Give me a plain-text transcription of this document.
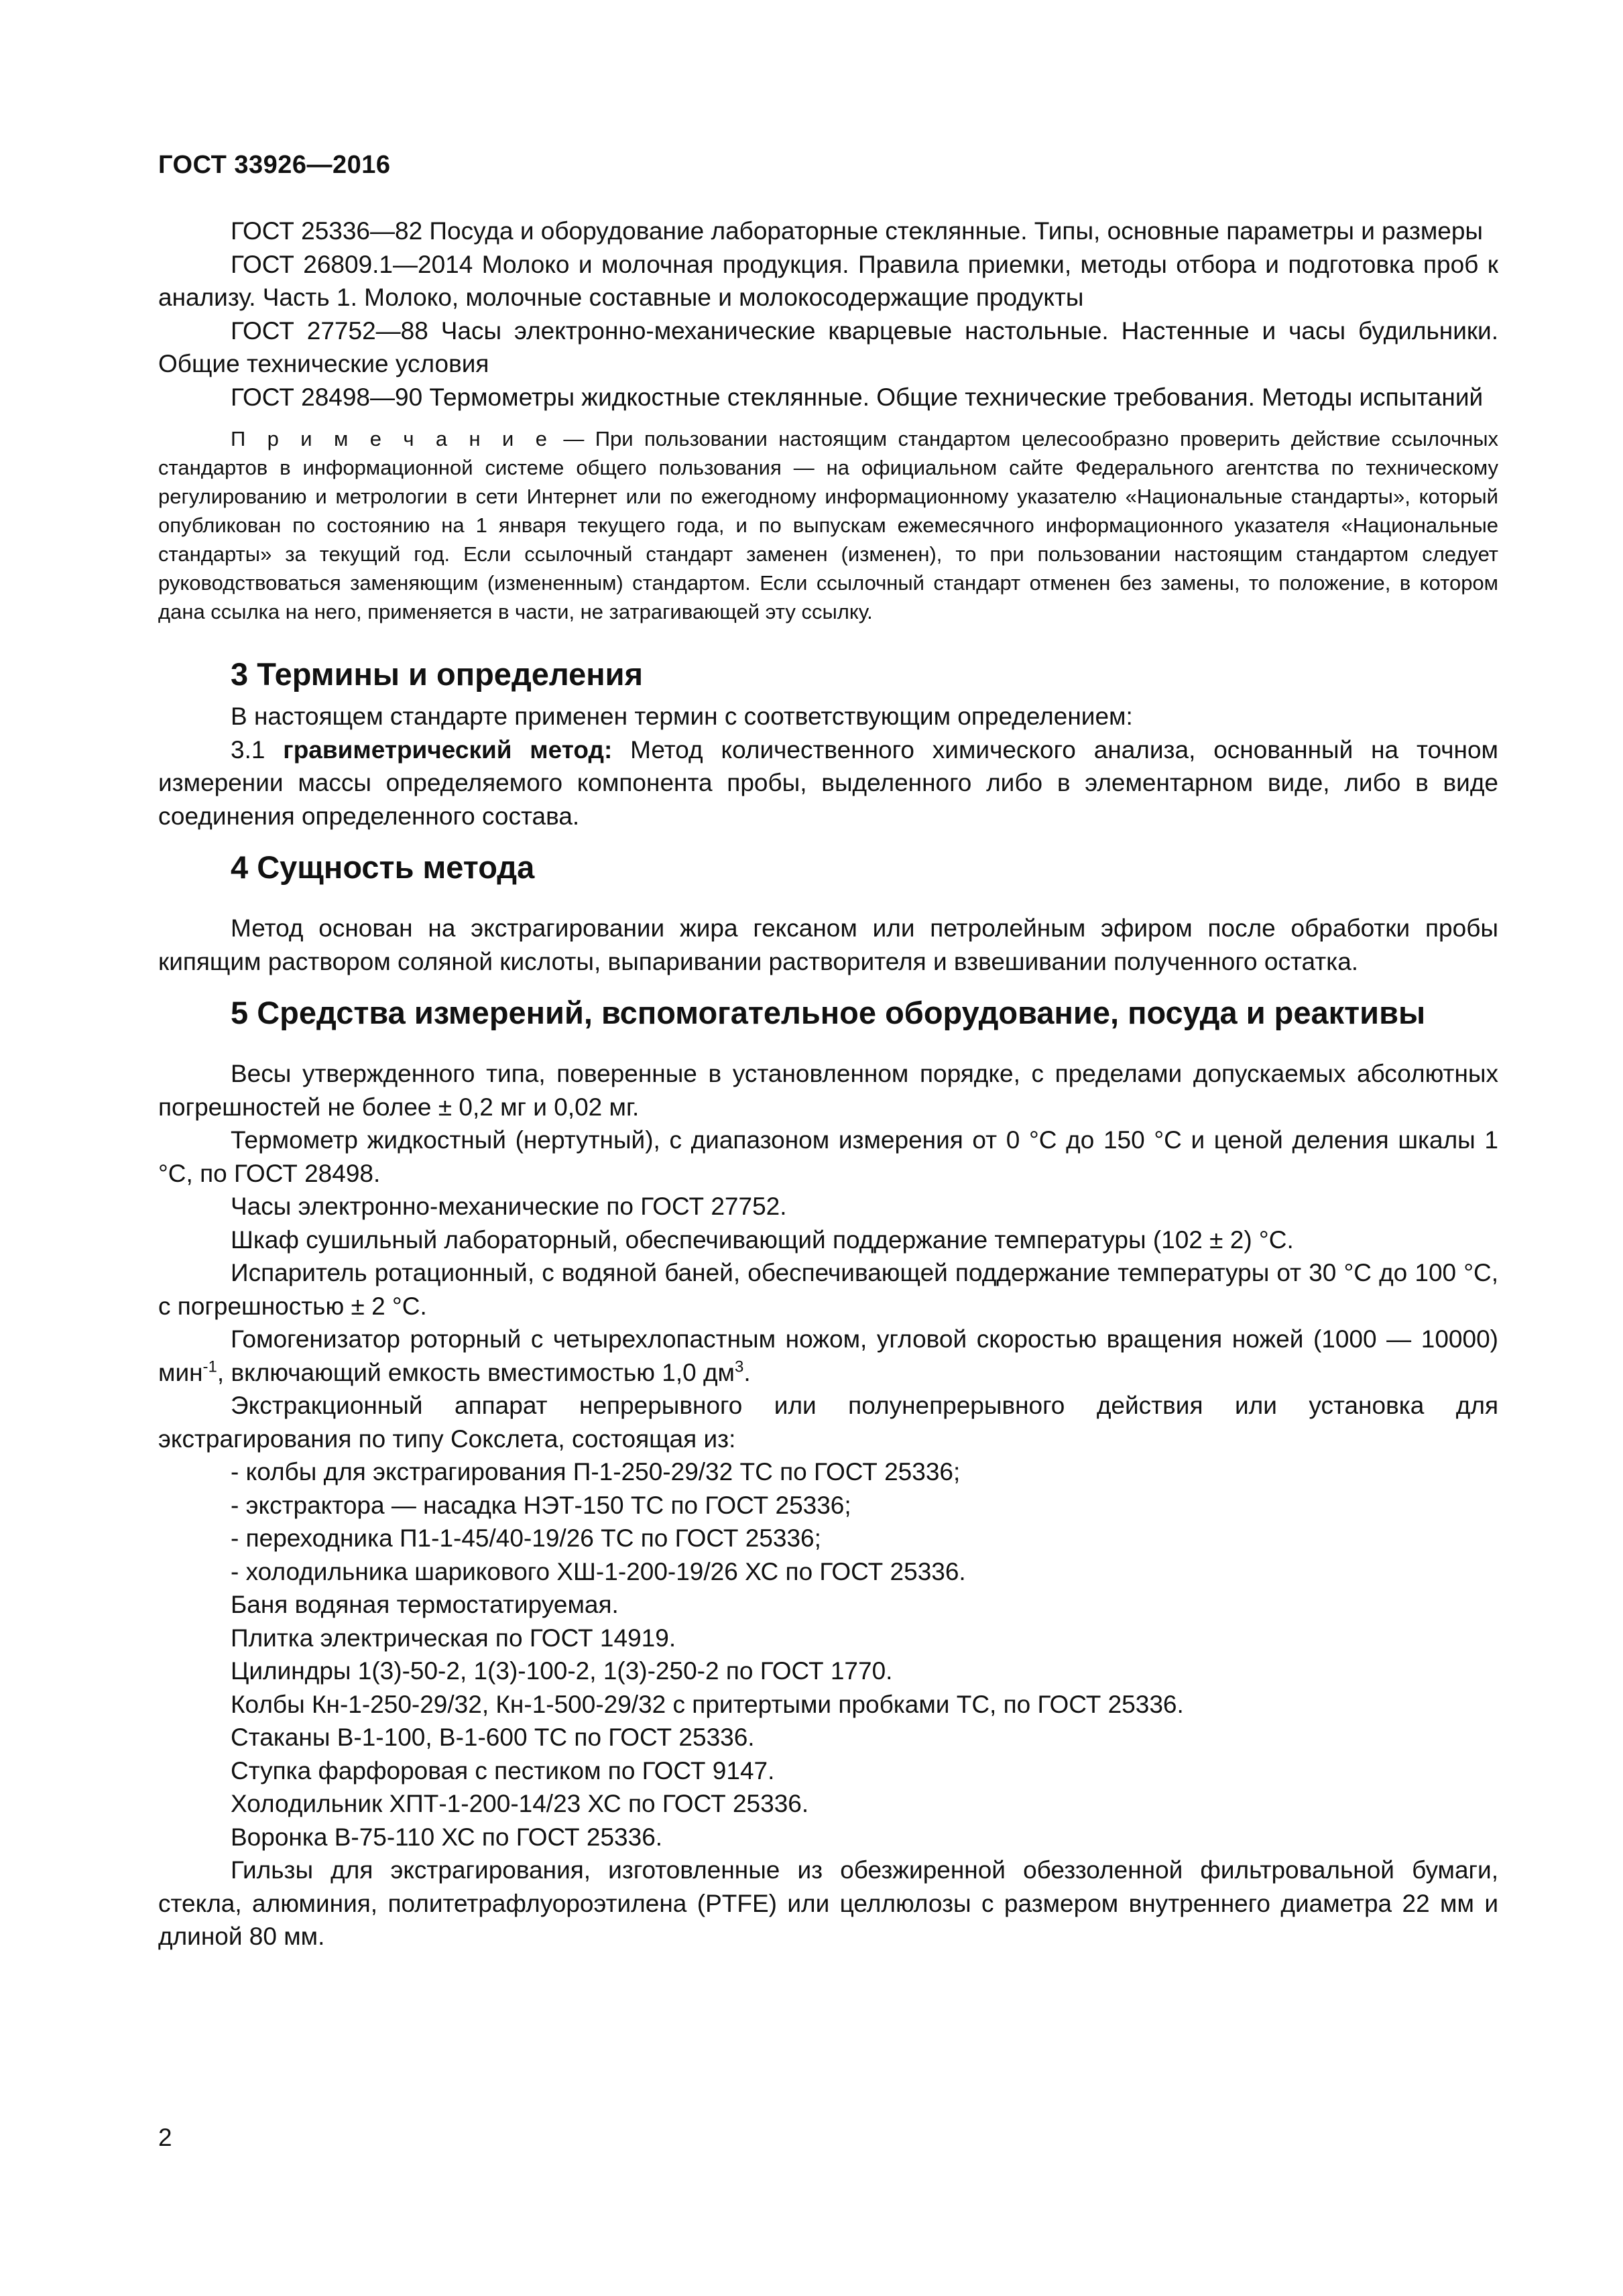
ГОСТ 33926—2016

ГОСТ 25336—82 Посуда и оборудование лабораторные стеклянные. Типы, основные параметры и размеры

ГОСТ 26809.1—2014 Молоко и молочная продукция. Правила приемки, методы отбора и подготовка проб к анализу. Часть 1. Молоко, молочные составные и молокосодержащие продукты

ГОСТ 27752—88 Часы электронно-механические кварцевые настольные. Настенные и часы будильники. Общие технические условия

ГОСТ 28498—90 Термометры жидкостные стеклянные. Общие технические требования. Методы испытаний

П р и м е ч а н и е — При пользовании настоящим стандартом целесообразно проверить действие ссылочных стандартов в информационной системе общего пользования — на официальном сайте Федерального агентства по техническому регулированию и метрологии в сети Интернет или по ежегодному информационному указателю «Национальные стандарты», который опубликован по состоянию на 1 января текущего года, и по выпускам ежемесячного информационного указателя «Национальные стандарты» за текущий год. Если ссылочный стандарт заменен (изменен), то при пользовании настоящим стандартом следует руководствоваться заменяющим (измененным) стандартом. Если ссылочный стандарт отменен без замены, то положение, в котором дана ссылка на него, применяется в части, не затрагивающей эту ссылку.

3 Термины и определения

В настоящем стандарте применен термин с соответствующим определением:

3.1 гравиметрический метод: Метод количественного химического анализа, основанный на точном измерении массы определяемого компонента пробы, выделенного либо в элементарном виде, либо в виде соединения определенного состава.

4 Сущность метода

Метод основан на экстрагировании жира гексаном или петролейным эфиром после обработки пробы кипящим раствором соляной кислоты, выпаривании растворителя и взвешивании полученного остатка.

5 Средства измерений, вспомогательное оборудование, посуда и реактивы

Весы утвержденного типа, поверенные в установленном порядке, с пределами допускаемых абсолютных погрешностей не более ± 0,2 мг и 0,02 мг.

Термометр жидкостный (нертутный), с диапазоном измерения от 0 °С до 150 °С и ценой деления шкалы 1 °С, по ГОСТ 28498.

Часы электронно-механические по ГОСТ 27752.

Шкаф сушильный лабораторный, обеспечивающий поддержание температуры (102 ± 2) °С.

Испаритель ротационный, с водяной баней, обеспечивающей поддержание температуры от 30 °С до 100 °С, с погрешностью ± 2 °С.

Гомогенизатор роторный с четырехлопастным ножом, угловой скоростью вращения ножей (1000 — 10000) мин$^{-1}$, включающий емкость вместимостью 1,0 $дм^3$.

Экстракционный аппарат непрерывного или полунепрерывного действия или установка для экстрагирования по типу Сокслета, состоящая из:

- колбы для экстрагирования П-1-250-29/32 ТС по ГОСТ 25336;

- экстрактора — насадка НЭТ-150 ТС по ГОСТ 25336;

- переходника П1-1-45/40-19/26 ТС по ГОСТ 25336;

- холодильника шарикового ХШ-1-200-19/26 ХС по ГОСТ 25336.

Баня водяная термостатируемая.

Плитка электрическая по ГОСТ 14919.

Цилиндры 1(3)-50-2, 1(3)-100-2, 1(3)-250-2 по ГОСТ 1770.

Колбы Кн-1-250-29/32, Кн-1-500-29/32 с притертыми пробками ТС, по ГОСТ 25336.

Стаканы В-1-100, В-1-600 ТС по ГОСТ 25336.

Ступка фарфоровая с пестиком по ГОСТ 9147.

Холодильник ХПТ-1-200-14/23 ХС по ГОСТ 25336.

Воронка В-75-110 ХС по ГОСТ 25336.

Гильзы для экстрагирования, изготовленные из обезжиренной обеззоленной фильтровальной бумаги, стекла, алюминия, политетрафлуороэтилена (PTFE) или целлюлозы с размером внутреннего диаметра 22 мм и длиной 80 мм.

2
